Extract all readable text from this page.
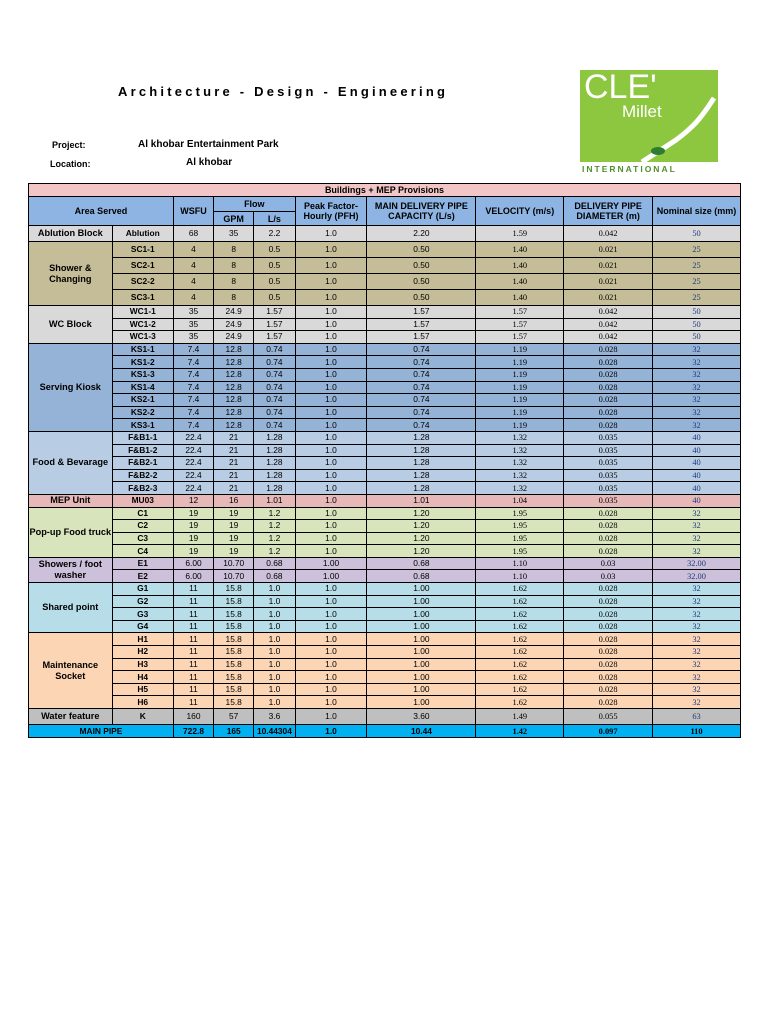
Architecture - Design - Engineering
Project:	Al khobar Entertainment Park
Location:	Al khobar
CLE'
Millet
INTERNATIONAL
Buildings + MEP Provisions									
Area Served		WSFU	Flow		Peak Factor-Hourly (PFH)	MAIN DELIVERY PIPE CAPACITY (L/s)	VELOCITY (m/s)	DELIVERY PIPE DIAMETER (m)	Nominal size (mm)
			GPM	L/s					
Ablution Block	Ablution	68	35	2.2	1.0	2.20	1.59	0.042	50
Shower & Changing	SC1-1	4	8	0.5	1.0	0.50	1.40	0.021	25
	SC2-1	4	8	0.5	1.0	0.50	1.40	0.021	25
	SC2-2	4	8	0.5	1.0	0.50	1.40	0.021	25
	SC3-1	4	8	0.5	1.0	0.50	1.40	0.021	25
WC Block	WC1-1	35	24.9	1.57	1.0	1.57	1.57	0.042	50
	WC1-2	35	24.9	1.57	1.0	1.57	1.57	0.042	50
	WC1-3	35	24.9	1.57	1.0	1.57	1.57	0.042	50
Serving Kiosk	KS1-1	7.4	12.8	0.74	1.0	0.74	1.19	0.028	32
	KS1-2	7.4	12.8	0.74	1.0	0.74	1.19	0.028	32
	KS1-3	7.4	12.8	0.74	1.0	0.74	1.19	0.028	32
	KS1-4	7.4	12.8	0.74	1.0	0.74	1.19	0.028	32
	KS2-1	7.4	12.8	0.74	1.0	0.74	1.19	0.028	32
	KS2-2	7.4	12.8	0.74	1.0	0.74	1.19	0.028	32
	KS3-1	7.4	12.8	0.74	1.0	0.74	1.19	0.028	32
Food & Bevarage	F&B1-1	22.4	21	1.28	1.0	1.28	1.32	0.035	40
	F&B1-2	22.4	21	1.28	1.0	1.28	1.32	0.035	40
	F&B2-1	22.4	21	1.28	1.0	1.28	1.32	0.035	40
	F&B2-2	22.4	21	1.28	1.0	1.28	1.32	0.035	40
	F&B2-3	22.4	21	1.28	1.0	1.28	1.32	0.035	40
MEP Unit	MU03	12	16	1.01	1.0	1.01	1.04	0.035	40
Pop-up Food truck	C1	19	19	1.2	1.0	1.20	1.95	0.028	32
	C2	19	19	1.2	1.0	1.20	1.95	0.028	32
	C3	19	19	1.2	1.0	1.20	1.95	0.028	32
	C4	19	19	1.2	1.0	1.20	1.95	0.028	32
Showers / foot washer	E1	6.00	10.70	0.68	1.00	0.68	1.10	0.03	32.00
	E2	6.00	10.70	0.68	1.00	0.68	1.10	0.03	32.00
Shared point	G1	11	15.8	1.0	1.0	1.00	1.62	0.028	32
	G2	11	15.8	1.0	1.0	1.00	1.62	0.028	32
	G3	11	15.8	1.0	1.0	1.00	1.62	0.028	32
	G4	11	15.8	1.0	1.0	1.00	1.62	0.028	32
Maintenance Socket	H1	11	15.8	1.0	1.0	1.00	1.62	0.028	32
	H2	11	15.8	1.0	1.0	1.00	1.62	0.028	32
	H3	11	15.8	1.0	1.0	1.00	1.62	0.028	32
	H4	11	15.8	1.0	1.0	1.00	1.62	0.028	32
	H5	11	15.8	1.0	1.0	1.00	1.62	0.028	32
	H6	11	15.8	1.0	1.0	1.00	1.62	0.028	32
Water feature	K	160	57	3.6	1.0	3.60	1.49	0.055	63
MAIN PIPE		722.8	165	10.44304	1.0	10.44	1.42	0.097	110
